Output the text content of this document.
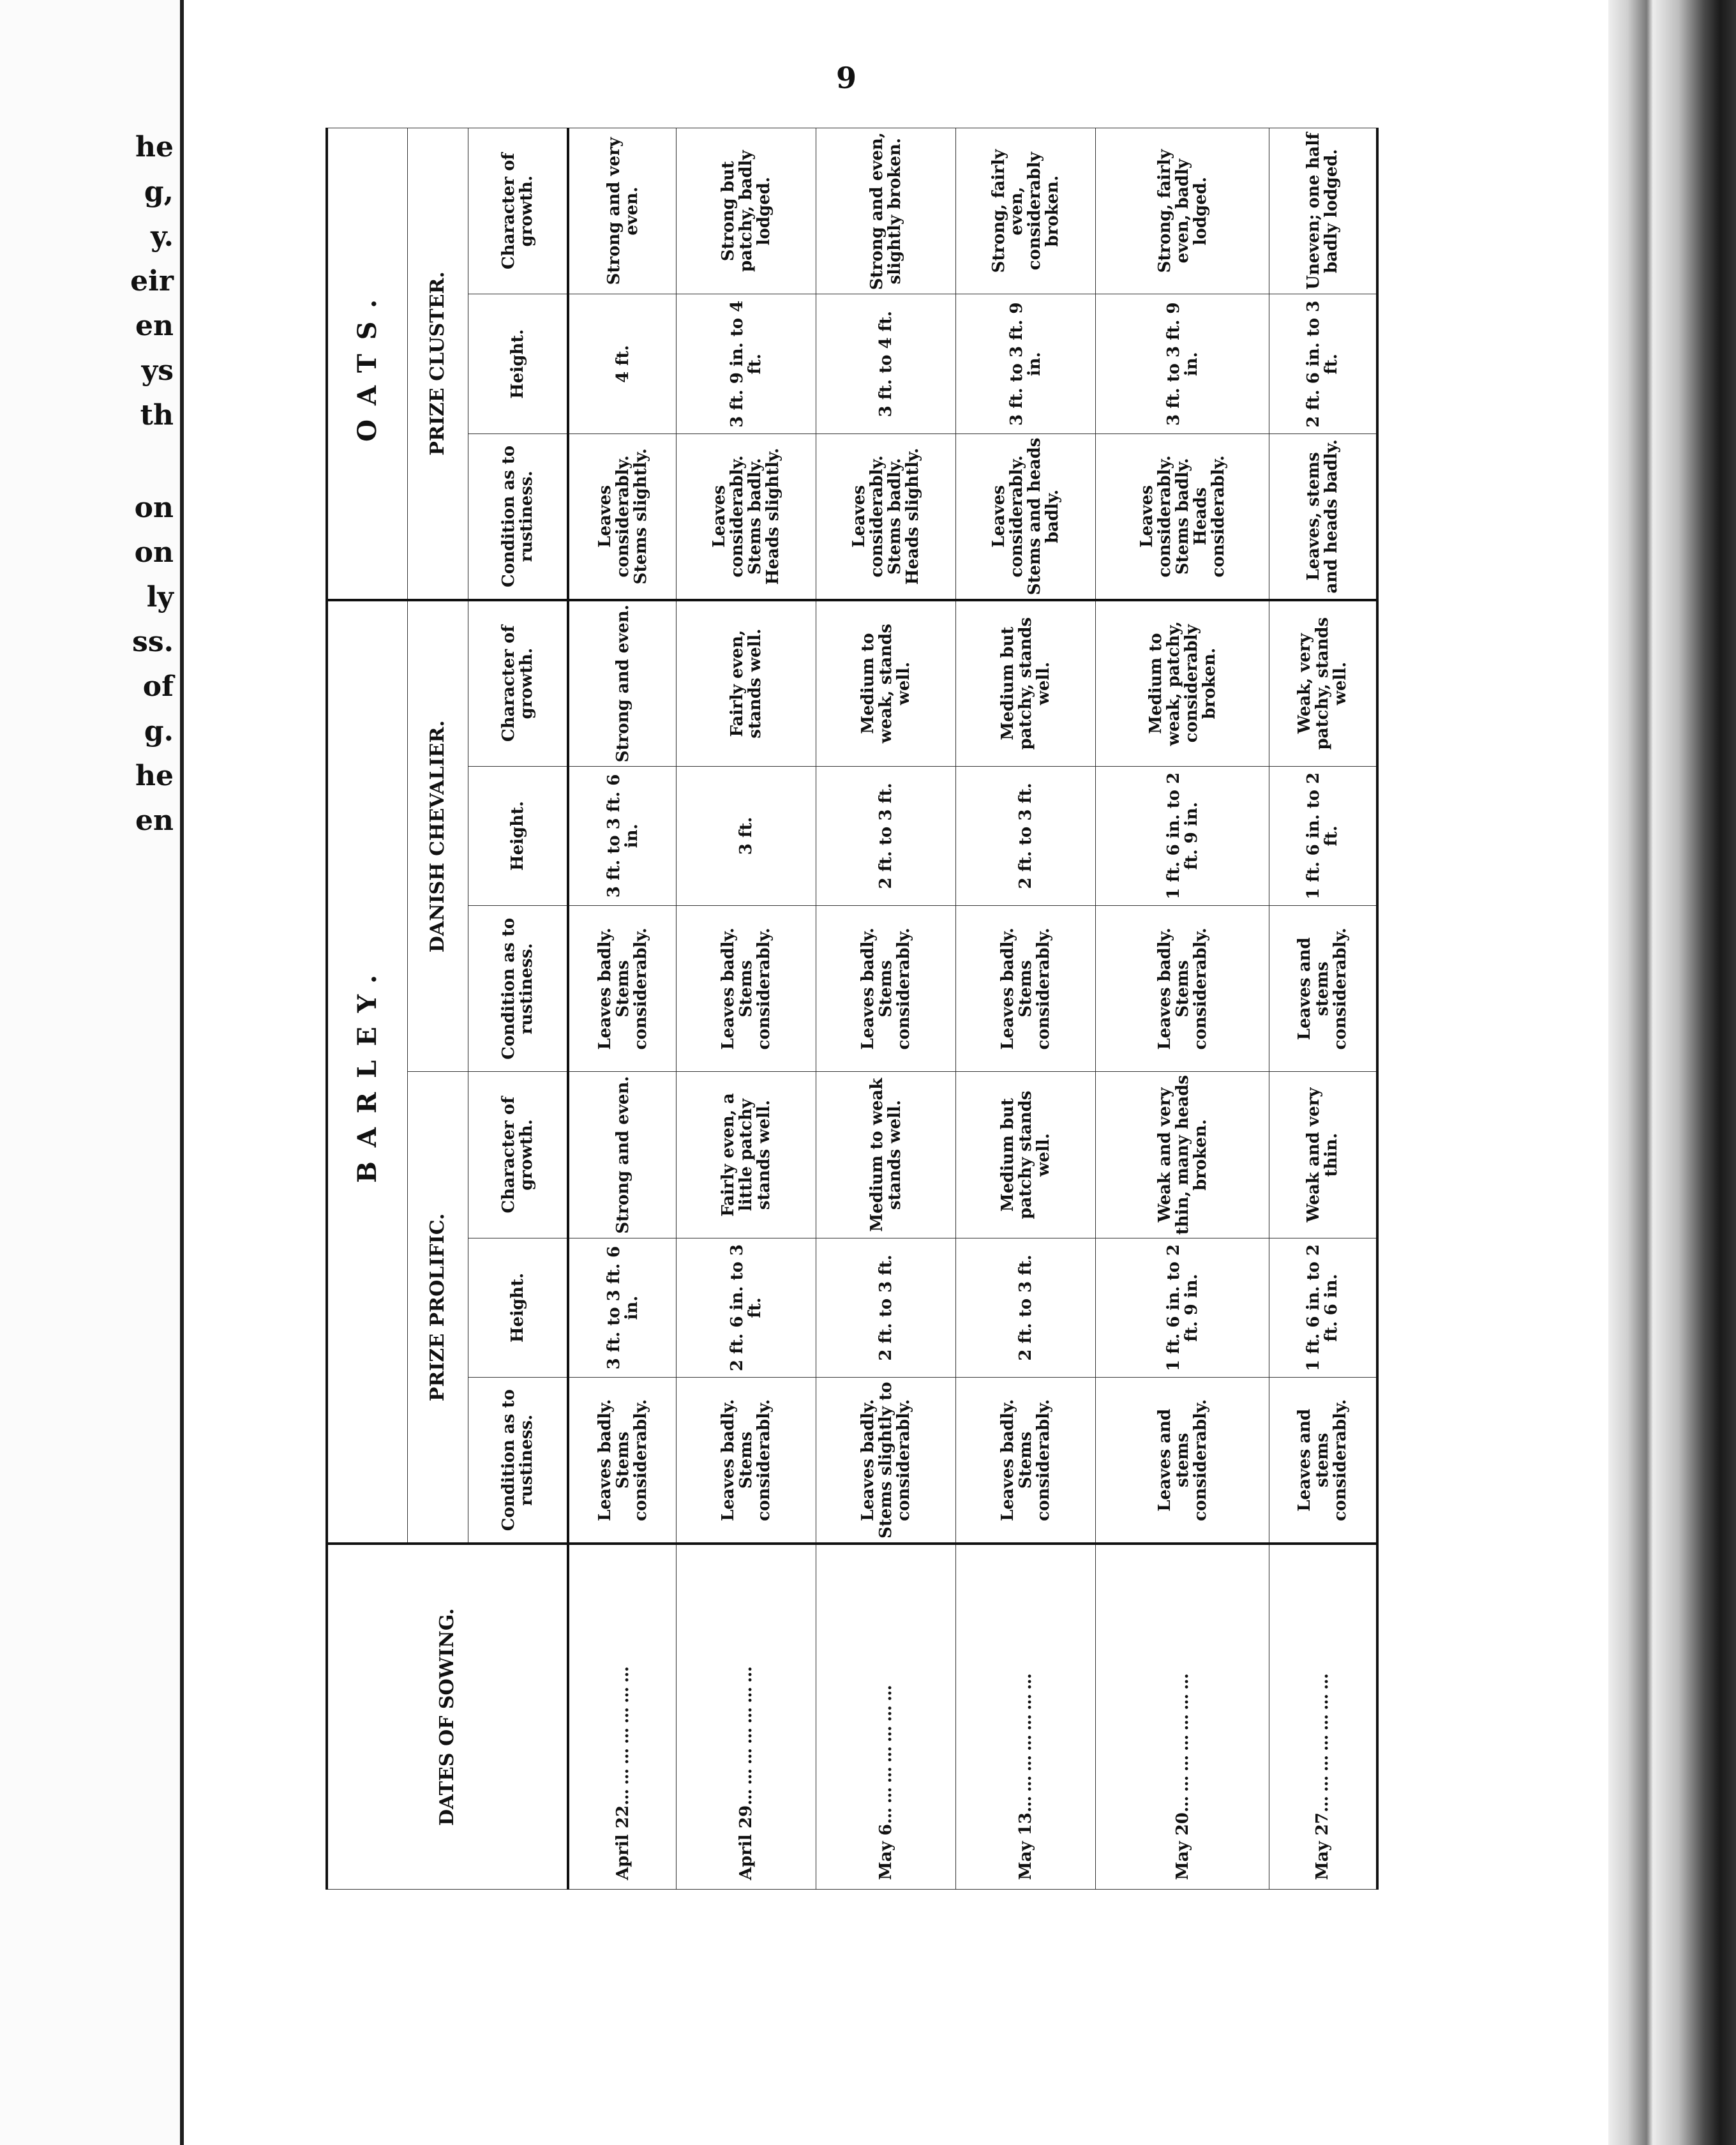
he
g,
y.
eir
en
ys
th
on
on
ly
ss.
of
g.
he
en
9
DATES OF SOWING.	BARLEY.						OATS.		
	PRIZE PROLIFIC.			DANISH CHEVALIER.			PRIZE CLUSTER.		
	Condition as to rustiness.	Height.	Character of growth.	Condition as to rustiness.	Height.	Character of growth.	Condition as to rustiness.	Height.	Character of growth.
April 22…………………	Leaves badly. Stems considerably.	3 ft. to 3 ft. 6 in.	Strong and even.	Leaves badly. Stems considerably.	3 ft. to 3 ft. 6 in.	Strong and even.	Leaves considerably. Stems slightly.	4 ft.	Strong and very even.
April 29…………………	Leaves badly. Stems considerably.	2 ft. 6 in. to 3 ft.	Fairly even, a little patchy stands well.	Leaves badly. Stems considerably.	3 ft.	Fairly even, stands well.	Leaves considerably. Stems badly. Heads slightly.	3 ft. 9 in. to 4 ft.	Strong but patchy, badly lodged.
May 6…………………	Leaves badly. Stems slightly to considerably.	2 ft. to 3 ft.	Medium to weak stands well.	Leaves badly. Stems considerably.	2 ft. to 3 ft.	Medium to weak, stands well.	Leaves considerably. Stems badly. Heads slightly.	3 ft. to 4 ft.	Strong and even, slightly broken.
May 13…………………	Leaves badly. Stems considerably.	2 ft. to 3 ft.	Medium but patchy stands well.	Leaves badly. Stems considerably.	2 ft. to 3 ft.	Medium but patchy, stands well.	Leaves considerably. Stems and heads badly.	3 ft. to 3 ft. 9 in.	Strong, fairly even, considerably broken.
May 20…………………	Leaves and stems considerably.	1 ft. 6 in. to 2 ft. 9 in.	Weak and very thin, many heads broken.	Leaves badly. Stems considerably.	1 ft. 6 in. to 2 ft. 9 in.	Medium to weak, patchy, considerably broken.	Leaves considerably. Stems badly. Heads considerably.	3 ft. to 3 ft. 9 in.	Strong, fairly even, badly lodged.
May 27…………………	Leaves and stems considerably.	1 ft. 6 in. to 2 ft. 6 in.	Weak and very thin.	Leaves and stems considerably.	1 ft. 6 in. to 2 ft.	Weak, very patchy, stands well.	Leaves, stems and heads badly.	2 ft. 6 in. to 3 ft.	Uneven; one half badly lodged.
